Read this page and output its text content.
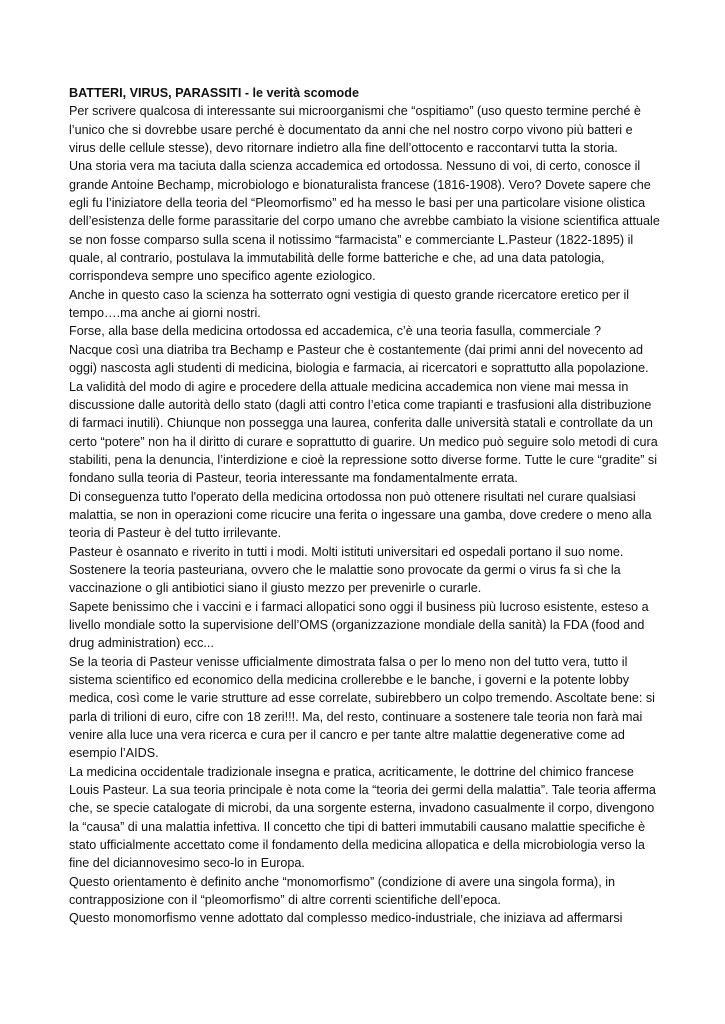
BATTERI, VIRUS, PARASSITI - le verità scomode

Per scrivere qualcosa di interessante sui microorganismi che “ospitiamo” (uso questo termine perché è l’unico che si dovrebbe usare perché è documentato da anni che nel nostro corpo vivono più batteri e virus delle cellule stesse), devo ritornare indietro alla fine dell’ottocento e raccontarvi tutta la storia.

Una storia vera ma taciuta dalla scienza accademica ed ortodossa. Nessuno di voi, di certo, conosce il grande Antoine Bechamp, microbiologo e bionaturalista francese (1816-1908). Vero? Dovete sapere che egli fu l’iniziatore della teoria del “Pleomorfismo” ed ha messo le basi per una particolare visione olistica dell’esistenza delle forme parassitarie del corpo umano che avrebbe cambiato la visione scientifica attuale se non fosse comparso sulla scena il notissimo “farmacista” e commerciante L.Pasteur (1822-1895) il quale, al contrario, postulava la immutabilità delle forme batteriche e che, ad una data patologia, corrispondeva sempre uno specifico agente eziologico.

Anche in questo caso la scienza ha sotterrato ogni vestigia di questo grande ricercatore eretico per il tempo….ma anche ai giorni nostri.

Forse, alla base della medicina ortodossa ed accademica, c’è una teoria fasulla, commerciale ?

Nacque così una diatriba tra Bechamp e Pasteur che è costantemente (dai primi anni del novecento ad oggi) nascosta agli studenti di medicina, biologia e farmacia, ai ricercatori e soprattutto alla popolazione.

La validità del modo di agire e procedere della attuale medicina accademica non viene mai messa in discussione dalle autorità dello stato (dagli atti contro l’etica come trapianti e trasfusioni alla distribuzione di farmaci inutili). Chiunque non possegga una laurea, conferita dalle università statali e controllate da un certo “potere” non ha il diritto di curare e soprattutto di guarire. Un medico può seguire solo metodi di cura stabiliti, pena la denuncia, l’interdizione e cioè la repressione sotto diverse forme. Tutte le cure “gradite” si fondano sulla teoria di Pasteur, teoria interessante ma fondamentalmente errata.

Di conseguenza tutto l'operato della medicina ortodossa non può ottenere risultati nel curare qualsiasi malattia, se non in operazioni come ricucire una ferita o ingessare una gamba, dove credere o meno alla teoria di Pasteur è del tutto irrilevante.

Pasteur è osannato e riverito in tutti i modi. Molti istituti universitari ed ospedali portano il suo nome.

Sostenere la teoria pasteuriana, ovvero che le malattie sono provocate da germi o virus fa sì che la vaccinazione o gli antibiotici siano il giusto mezzo per prevenirle o curarle.

Sapete benissimo che i vaccini e i farmaci allopatici sono oggi il business più lucroso esistente, esteso a livello mondiale sotto la supervisione dell’OMS (organizzazione mondiale della sanità) la FDA (food and drug administration) ecc...

Se la teoria di Pasteur venisse ufficialmente dimostrata falsa o per lo meno non del tutto vera, tutto il sistema scientifico ed economico della medicina crollerebbe e le banche, i governi e la potente lobby medica, così come le varie strutture ad esse correlate, subirebbero un colpo tremendo. Ascoltate bene: si parla di trilioni di euro, cifre con 18 zeri!!!. Ma, del resto, continuare a sostenere tale teoria non farà mai venire alla luce una vera ricerca e cura per il cancro e per tante altre malattie degenerative come ad esempio l’AIDS.

La medicina occidentale tradizionale insegna e pratica, acriticamente, le dottrine del chimico francese Louis Pasteur. La sua teoria principale è nota come la “teoria dei germi della malattia”. Tale teoria afferma che, se specie catalogate di microbi, da una sorgente esterna, invadono casualmente il corpo, divengono la “causa” di una malattia infettiva. Il concetto che tipi di batteri immutabili causano malattie specifiche è stato ufficialmente accettato come il fondamento della medicina allopatica e della microbiologia verso la fine del diciannovesimo seco-lo in Europa.

Questo orientamento è definito anche “monomorfismo” (condizione di avere una singola forma), in contrapposizione con il “pleomorfismo” di altre correnti scientifiche dell’epoca.

Questo monomorfismo venne adottato dal complesso medico-industriale, che iniziava ad affermarsi
